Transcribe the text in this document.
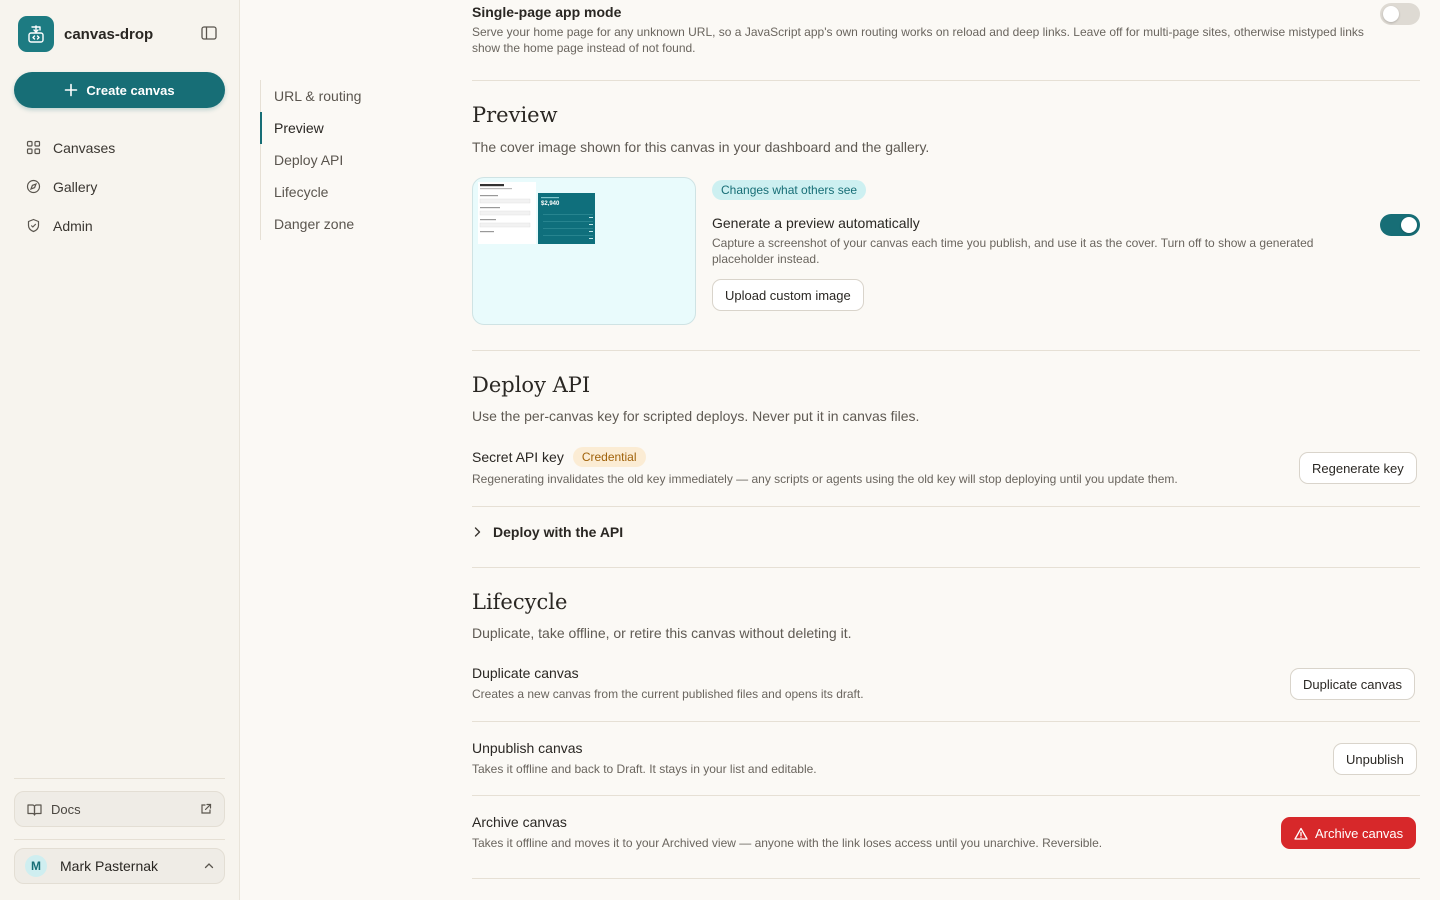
canvas-drop
Create canvas
Canvases
Gallery
Admin
Docs
M	Mark Pasternak
URL & routing
Preview
Deploy API
Lifecycle
Danger zone
Single-page app mode
Serve your home page for any unknown URL, so a JavaScript app's own routing works on reload and deep links. Leave off for multi-page sites, otherwise mistyped links show the home page instead of not found.
Preview
The cover image shown for this canvas in your dashboard and the gallery.
$2,940
Changes what others see
Generate a preview automatically
Capture a screenshot of your canvas each time you publish, and use it as the cover. Turn off to show a generated placeholder instead.
Upload custom image
Deploy API
Use the per-canvas key for scripted deploys. Never put it in canvas files.
Secret API key	Credential
Regenerating invalidates the old key immediately — any scripts or agents using the old key will stop deploying until you update them.
Regenerate key
Deploy with the API
Lifecycle
Duplicate, take offline, or retire this canvas without deleting it.
Duplicate canvas
Creates a new canvas from the current published files and opens its draft.
Duplicate canvas
Unpublish canvas
Takes it offline and back to Draft. It stays in your list and editable.
Unpublish
Archive canvas
Takes it offline and moves it to your Archived view — anyone with the link loses access until you unarchive. Reversible.
Archive canvas
